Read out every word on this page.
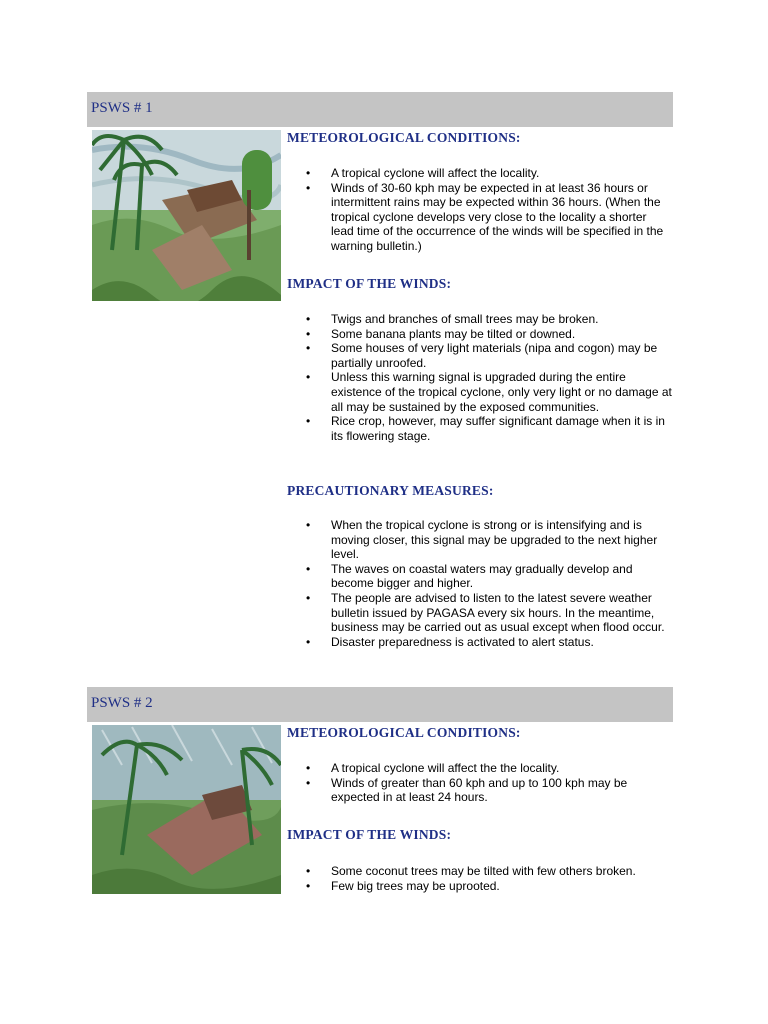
PSWS # 1
METEOROLOGICAL CONDITIONS:
• A tropical cyclone will affect the locality.
• Winds of 30-60 kph may be expected in at least 36 hours or intermittent rains may be expected within 36 hours. (When the tropical cyclone develops very close to the locality a shorter lead time of the occurrence of the winds will be specified in the warning bulletin.)
IMPACT OF THE WINDS:
• Twigs and branches of small trees may be broken.
• Some banana plants may be tilted or downed.
• Some houses of very light materials (nipa and cogon) may be partially unroofed.
• Unless this warning signal is upgraded during the entire existence of the tropical cyclone, only very light or no damage at all may be sustained by the exposed communities.
• Rice crop, however, may suffer significant damage when it is in its flowering stage.
PRECAUTIONARY MEASURES:
• When the tropical cyclone is strong or is intensifying and is moving closer, this signal may be upgraded to the next higher level.
• The waves on coastal waters may gradually develop and become bigger and higher.
• The people are advised to listen to the latest severe weather bulletin issued by PAGASA every six hours. In the meantime, business may be carried out as usual except when flood occur.
• Disaster preparedness is activated to alert status.
PSWS # 2
METEOROLOGICAL CONDITIONS:
• A tropical cyclone will affect the the locality.
• Winds of greater than 60 kph and up to 100 kph may be expected in at least 24 hours.
IMPACT OF THE WINDS:
• Some coconut trees may be tilted with few others broken.
• Few big trees may be uprooted.
